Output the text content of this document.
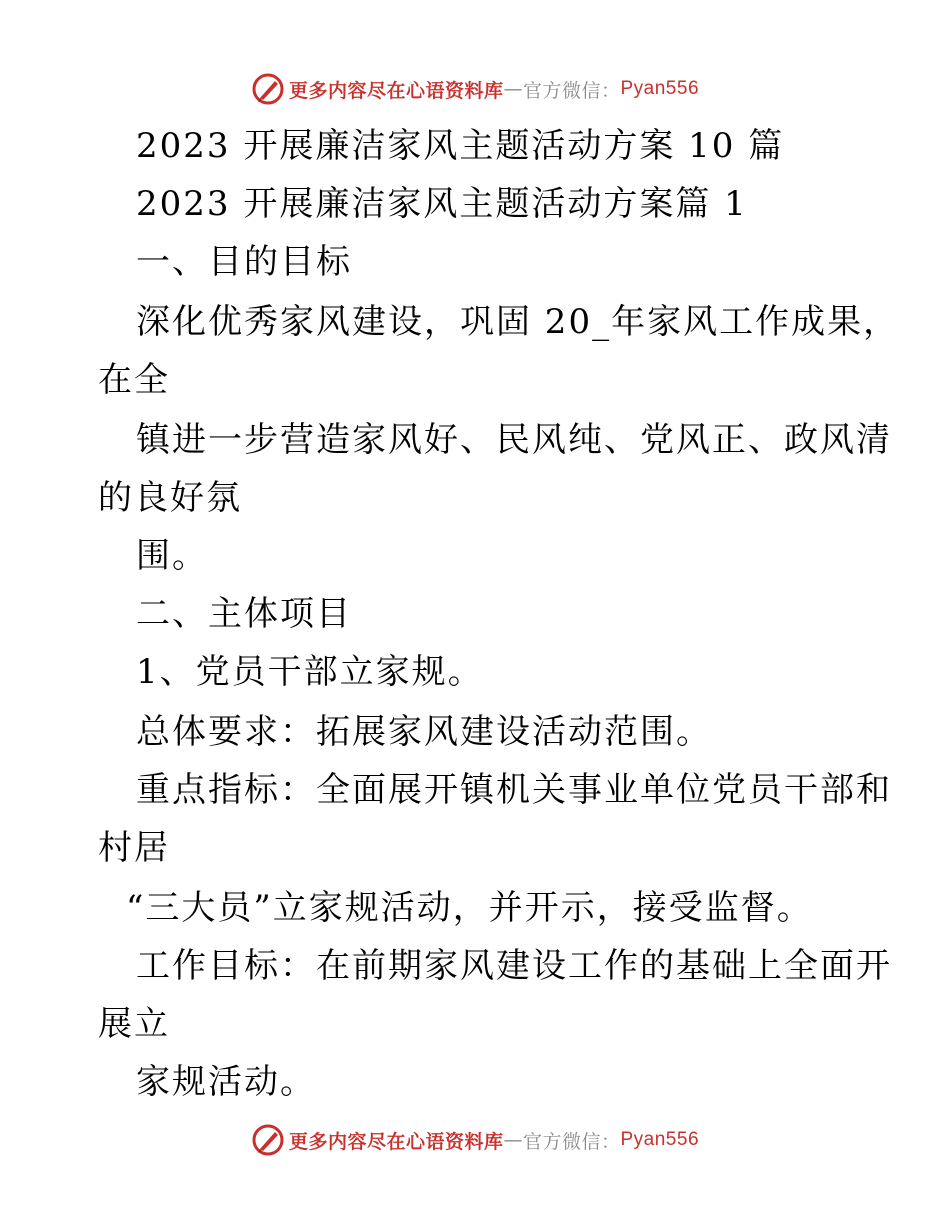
更多内容尽在心语资料库 — 官方微信： Pyan556
2023 开展廉洁家风主题活动方案 10 篇
2023 开展廉洁家风主题活动方案篇 1
一、目的目标
深化优秀家风建设，巩固 20_年家风工作成果，
在全
镇进一步营造家风好、民风纯、党风正、政风清
的良好氛
围。
二、主体项目
1、党员干部立家规。
总体要求：拓展家风建设活动范围。
重点指标：全面展开镇机关事业单位党员干部和
村居
“三大员”立家规活动，并开示，接受监督。
工作目标：在前期家风建设工作的基础上全面开
展立
家规活动。
更多内容尽在心语资料库 — 官方微信： Pyan556
